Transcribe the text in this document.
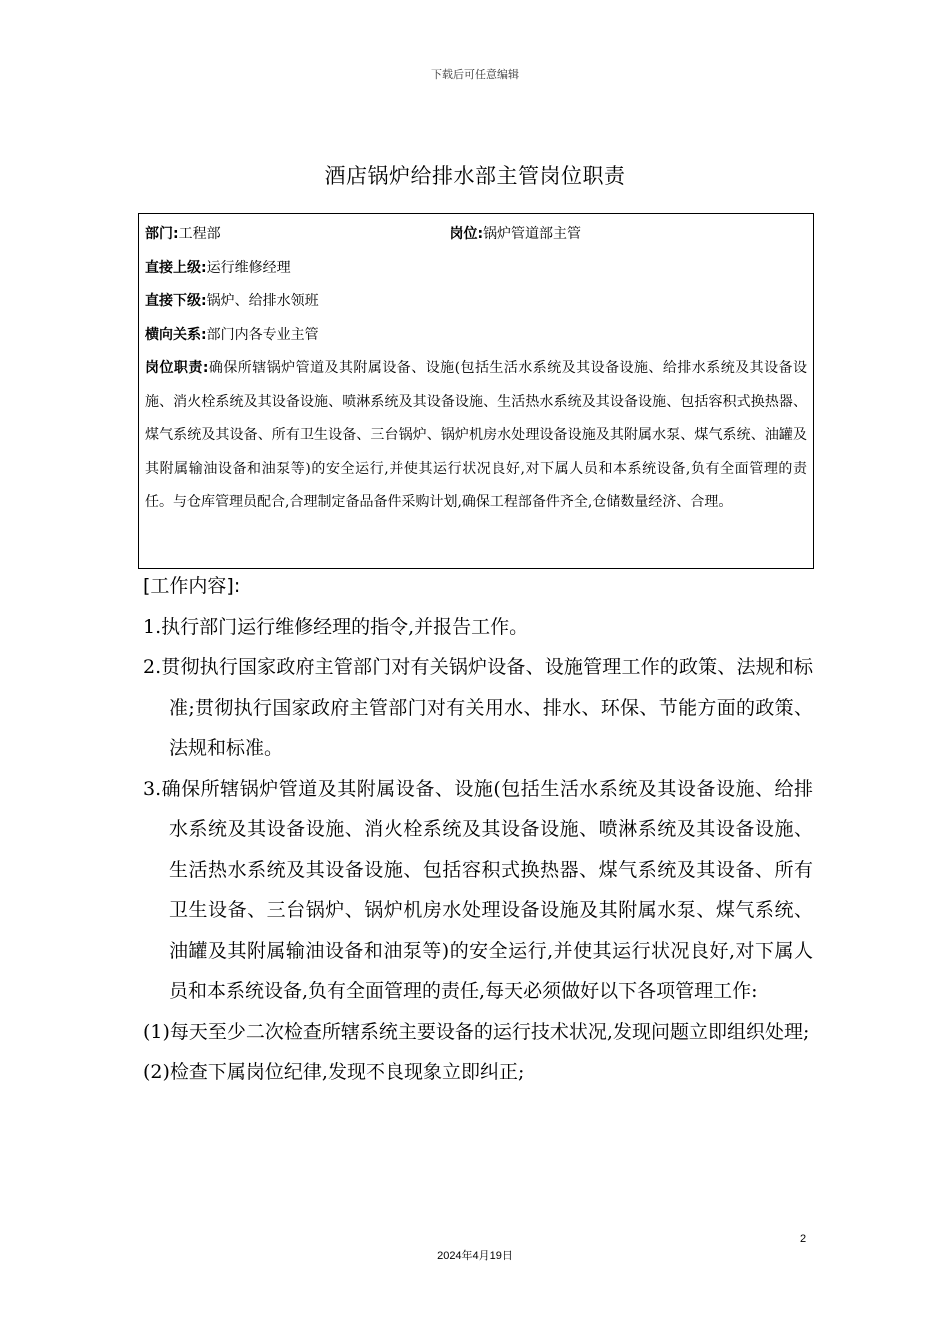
下载后可任意编辑
酒店锅炉给排水部主管岗位职责
部门:工程部	岗位:锅炉管道部主管
直接上级:运行维修经理
直接下级:锅炉、给排水领班
横向关系:部门内各专业主管
岗位职责:确保所辖锅炉管道及其附属设备、设施(包括生活水系统及其设备设施、给排水系统及其设备设施、消火栓系统及其设备设施、喷淋系统及其设备设施、生活热水系统及其设备设施、包括容积式换热器、煤气系统及其设备、所有卫生设备、三台锅炉、锅炉机房水处理设备设施及其附属水泵、煤气系统、油罐及其附属输油设备和油泵等)的安全运行,并使其运行状况良好,对下属人员和本系统设备,负有全面管理的责任。与仓库管理员配合,合理制定备品备件采购计划,确保工程部备件齐全,仓储数量经济、合理。
[工作内容]:
1.执行部门运行维修经理的指令,并报告工作。
2.贯彻执行国家政府主管部门对有关锅炉设备、设施管理工作的政策、法规和标准;贯彻执行国家政府主管部门对有关用水、排水、环保、节能方面的政策、法规和标准。
3.确保所辖锅炉管道及其附属设备、设施(包括生活水系统及其设备设施、给排水系统及其设备设施、消火栓系统及其设备设施、喷淋系统及其设备设施、生活热水系统及其设备设施、包括容积式换热器、煤气系统及其设备、所有卫生设备、三台锅炉、锅炉机房水处理设备设施及其附属水泵、煤气系统、油罐及其附属输油设备和油泵等)的安全运行,并使其运行状况良好,对下属人员和本系统设备,负有全面管理的责任,每天必须做好以下各项管理工作:
(1)每天至少二次检查所辖系统主要设备的运行技术状况,发现问题立即组织处理;
(2)检查下属岗位纪律,发现不良现象立即纠正;
2
2024年4月19日
